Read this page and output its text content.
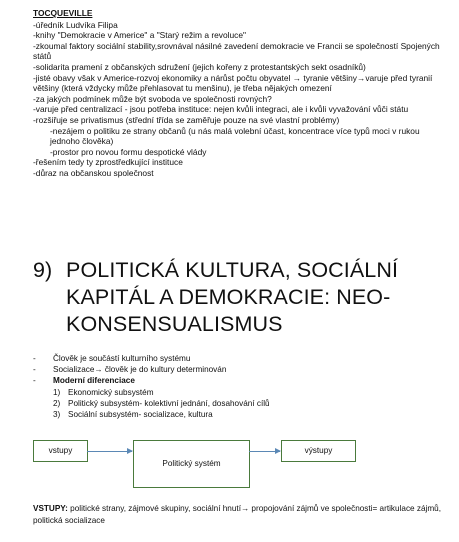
TOCQUEVILLE
-úředník Ludvíka Filipa
-knihy "Demokracie v Americe" a "Starý režim a revoluce"
-zkoumal faktory sociální stability,srovnával násilné zavedení demokracie ve Francii se společností Spojených států
-solidarita pramení z občanských sdružení (jejich kořeny z protestantských sekt osadníků)
-jisté obavy však v Americe-rozvoj ekonomiky a nárůst počtu obyvatel → tyranie většiny→varuje před tyranií většiny (která vždycky může přehlasovat tu menšinu), je třeba nějakých omezení
-za jakých podmínek může být svoboda ve společnosti rovných?
-varuje před centralizací - jsou potřeba instituce: nejen kvůli integraci, ale i kvůli vyvažování vůči státu
-rozšiřuje se privatismus (střední třída se zaměřuje pouze na své vlastní problémy)
-nezájem o politiku ze strany občanů (u nás malá volební účast, koncentrace více typů moci v rukou jednoho člověka)
-prostor pro novou formu despotické vlády
-řešením tedy ty zprostředkující instituce
-důraz na občanskou společnost
9) POLITICKÁ KULTURA, SOCIÁLNÍ
KAPITÁL A DEMOKRACIE: NEO-
KONSENSUALISMUS
-	Člověk je součástí kulturního systému
-	Socializace→ člověk je do kultury determinován
-	Moderní diferenciace
1) Ekonomický subsystém
2) Politický subsystém- kolektivní jednání, dosahování cílů
3) Sociální subsystém- socializace, kultura
vstupy
Politický systém
výstupy
VSTUPY: politické strany, zájmové skupiny, sociální hnutí→ propojování zájmů ve společnosti= artikulace zájmů, politická socializace
